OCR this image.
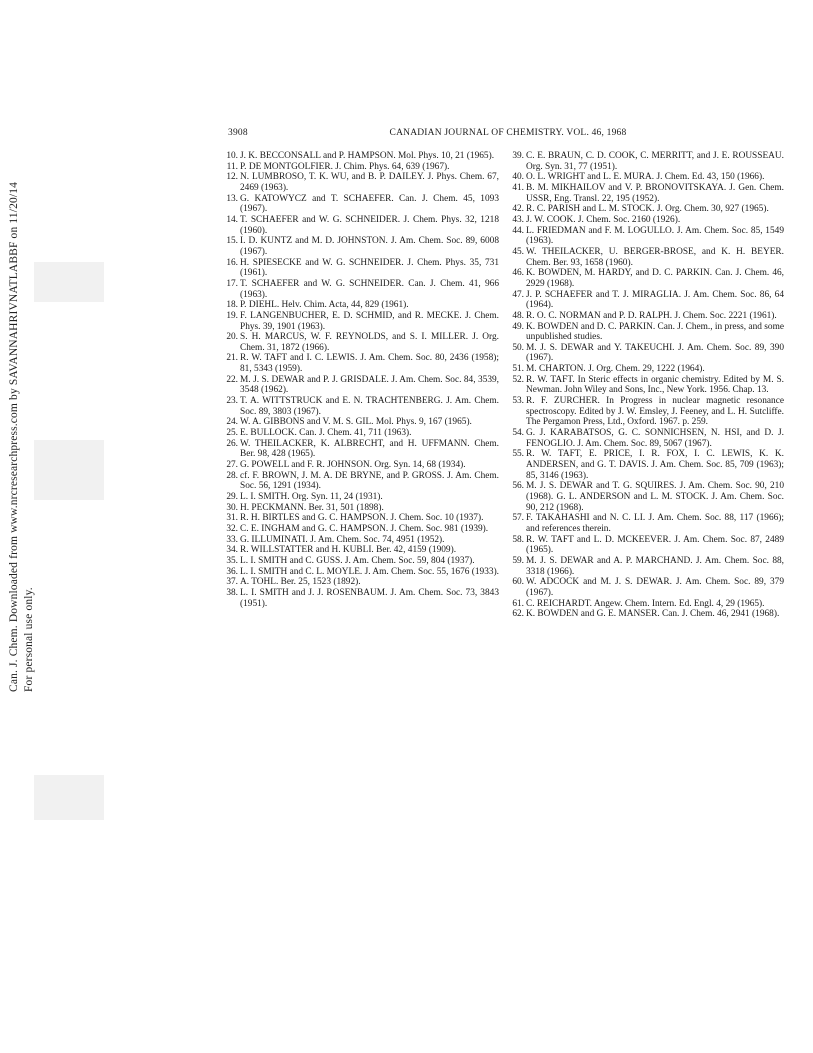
Can. J. Chem. Downloaded from www.nrcresearchpress.com by SAVANNAHRIVNATLABBF on 11/20/14 For personal use only.
CANADIAN JOURNAL OF CHEMISTRY. VOL. 46, 1968
3908

10. J. K. BECCONSALL and P. HAMPSON. Mol. Phys. 10, 21 (1965).

11. P. DE MONTGOLFIER. J. Chim. Phys. 64, 639 (1967).

12. N. LUMBROSO, T. K. WU, and B. P. DAILEY. J. Phys. Chem. 67, 2469 (1963).

13. G. KATOWYCZ and T. SCHAEFER. Can. J. Chem. 45, 1093 (1967).

14. T. SCHAEFER and W. G. SCHNEIDER. J. Chem. Phys. 32, 1218 (1960).

15. I. D. KUNTZ and M. D. JOHNSTON. J. Am. Chem. Soc. 89, 6008 (1967).

16. H. SPIESECKE and W. G. SCHNEIDER. J. Chem. Phys. 35, 731 (1961).

17. T. SCHAEFER and W. G. SCHNEIDER. Can. J. Chem. 41, 966 (1963).

18. P. DIEHL. Helv. Chim. Acta, 44, 829 (1961).

19. F. LANGENBUCHER, E. D. SCHMID, and R. MECKE. J. Chem. Phys. 39, 1901 (1963).

20. S. H. MARCUS, W. F. REYNOLDS, and S. I. MILLER. J. Org. Chem. 31, 1872 (1966).

21. R. W. TAFT and I. C. LEWIS. J. Am. Chem. Soc. 80, 2436 (1958); 81, 5343 (1959).

22. M. J. S. DEWAR and P. J. GRISDALE. J. Am. Chem. Soc. 84, 3539, 3548 (1962).

23. T. A. WITTSTRUCK and E. N. TRACHTENBERG. J. Am. Chem. Soc. 89, 3803 (1967).

24. W. A. GIBBONS and V. M. S. GIL. Mol. Phys. 9, 167 (1965).

25. E. BULLOCK. Can. J. Chem. 41, 711 (1963).

26. W. THEILACKER, K. ALBRECHT, and H. UFFMANN. Chem. Ber. 98, 428 (1965).

27. G. POWELL and F. R. JOHNSON. Org. Syn. 14, 68 (1934).

28. cf. F. BROWN, J. M. A. DE BRYNE, and P. GROSS. J. Am. Chem. Soc. 56, 1291 (1934).

29. L. I. SMITH. Org. Syn. 11, 24 (1931).

30. H. PECKMANN. Ber. 31, 501 (1898).

31. R. H. BIRTLES and G. C. HAMPSON. J. Chem. Soc. 10 (1937).

32. C. E. INGHAM and G. C. HAMPSON. J. Chem. Soc. 981 (1939).

33. G. ILLUMINATI. J. Am. Chem. Soc. 74, 4951 (1952).

34. R. WILLSTATTER and H. KUBLI. Ber. 42, 4159 (1909).

35. L. I. SMITH and C. GUSS. J. Am. Chem. Soc. 59, 804 (1937).

36. L. I. SMITH and C. L. MOYLE. J. Am. Chem. Soc. 55, 1676 (1933).

37. A. TOHL. Ber. 25, 1523 (1892).

38. L. I. SMITH and J. J. ROSENBAUM. J. Am. Chem. Soc. 73, 3843 (1951).

39. C. E. BRAUN, C. D. COOK, C. MERRITT, and J. E. ROUSSEAU. Org. Syn. 31, 77 (1951).

40. O. L. WRIGHT and L. E. MURA. J. Chem. Ed. 43, 150 (1966).

41. B. M. MIKHAILOV and V. P. BRONOVITSKAYA. J. Gen. Chem. USSR, Eng. Transl. 22, 195 (1952).

42. R. C. PARISH and L. M. STOCK. J. Org. Chem. 30, 927 (1965).

43. J. W. COOK. J. Chem. Soc. 2160 (1926).

44. L. FRIEDMAN and F. M. LOGULLO. J. Am. Chem. Soc. 85, 1549 (1963).

45. W. THEILACKER, U. BERGER-BROSE, and K. H. BEYER. Chem. Ber. 93, 1658 (1960).

46. K. BOWDEN, M. HARDY, and D. C. PARKIN. Can. J. Chem. 46, 2929 (1968).

47. J. P. SCHAEFER and T. J. MIRAGLIA. J. Am. Chem. Soc. 86, 64 (1964).

48. R. O. C. NORMAN and P. D. RALPH. J. Chem. Soc. 2221 (1961).

49. K. BOWDEN and D. C. PARKIN. Can. J. Chem., in press, and some unpublished studies.

50. M. J. S. DEWAR and Y. TAKEUCHI. J. Am. Chem. Soc. 89, 390 (1967).

51. M. CHARTON. J. Org. Chem. 29, 1222 (1964).

52. R. W. TAFT. In Steric effects in organic chemistry. Edited by M. S. Newman. John Wiley and Sons, Inc., New York. 1956. Chap. 13.

53. R. F. ZURCHER. In Progress in nuclear magnetic resonance spectroscopy. Edited by J. W. Emsley, J. Feeney, and L. H. Sutcliffe. The Pergamon Press, Ltd., Oxford. 1967. p. 259.

54. G. J. KARABATSOS, G. C. SONNICHSEN, N. HSI, and D. J. FENOGLIO. J. Am. Chem. Soc. 89, 5067 (1967).

55. R. W. TAFT, E. PRICE, I. R. FOX, I. C. LEWIS, K. K. ANDERSEN, and G. T. DAVIS. J. Am. Chem. Soc. 85, 709 (1963); 85, 3146 (1963).

56. M. J. S. DEWAR and T. G. SQUIRES. J. Am. Chem. Soc. 90, 210 (1968). G. L. ANDERSON and L. M. STOCK. J. Am. Chem. Soc. 90, 212 (1968).

57. F. TAKAHASHI and N. C. LI. J. Am. Chem. Soc. 88, 117 (1966); and references therein.

58. R. W. TAFT and L. D. MCKEEVER. J. Am. Chem. Soc. 87, 2489 (1965).

59. M. J. S. DEWAR and A. P. MARCHAND. J. Am. Chem. Soc. 88, 3318 (1966).

60. W. ADCOCK and M. J. S. DEWAR. J. Am. Chem. Soc. 89, 379 (1967).

61. C. REICHARDT. Angew. Chem. Intern. Ed. Engl. 4, 29 (1965).

62. K. BOWDEN and G. E. MANSER. Can. J. Chem. 46, 2941 (1968).
